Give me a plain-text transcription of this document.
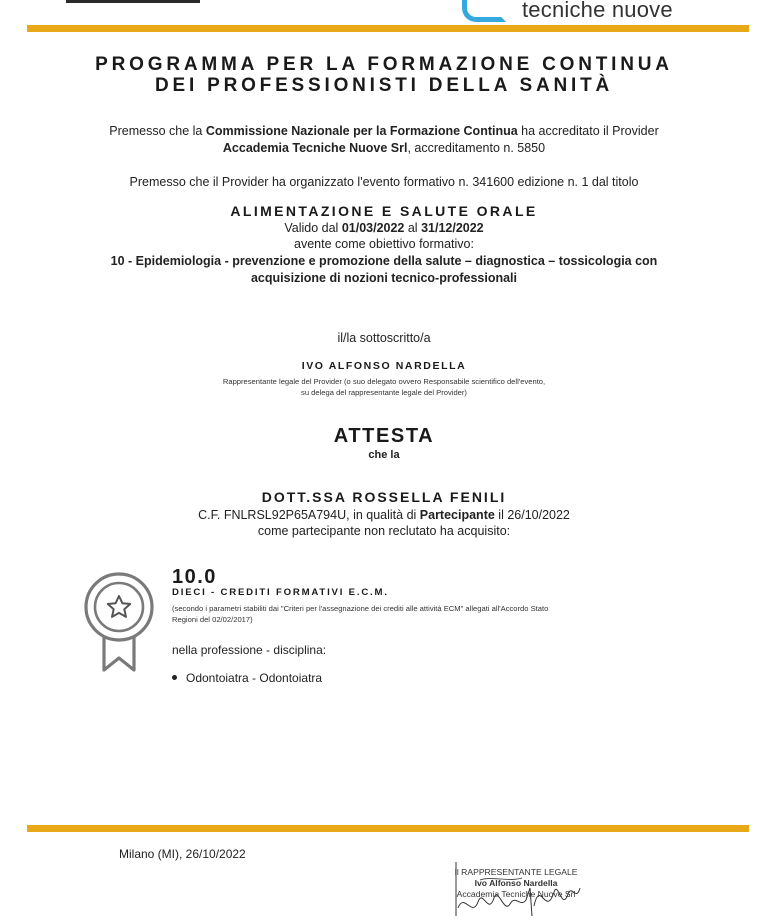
tecniche nuove
PROGRAMMA PER LA FORMAZIONE CONTINUA
DEI PROFESSIONISTI DELLA SANITÀ
Premesso che la Commissione Nazionale per la Formazione Continua ha accreditato il Provider
Accademia Tecniche Nuove Srl, accreditamento n. 5850
Premesso che il Provider ha organizzato l'evento formativo n. 341600 edizione n. 1 dal titolo
ALIMENTAZIONE E SALUTE ORALE
Valido dal 01/03/2022 al 31/12/2022
avente come obiettivo formativo:
10 - Epidemiologia - prevenzione e promozione della salute – diagnostica – tossicologia con
acquisizione di nozioni tecnico-professionali
il/la sottoscritto/a
IVO ALFONSO NARDELLA
Rappresentante legale del Provider (o suo delegato ovvero Responsabile scientifico dell'evento,
su delega del rappresentante legale del Provider)
ATTESTA
che la
DOTT.SSA ROSSELLA FENILI
C.F. FNLRSL92P65A794U, in qualità di Partecipante il 26/10/2022
come partecipante non reclutato ha acquisito:
10.0
DIECI - CREDITI FORMATIVI E.C.M.
(secondo i parametri stabiliti dai "Criteri per l'assegnazione dei crediti alle attività ECM" allegati all'Accordo Stato
Regioni del 02/02/2017)
nella professione - disciplina:
Odontoiatra - Odontoiatra
Milano (MI), 26/10/2022
Il RAPPRESENTANTE LEGALE
Ivo Alfonso Nardella
Accademia Tecniche Nuove Srl
